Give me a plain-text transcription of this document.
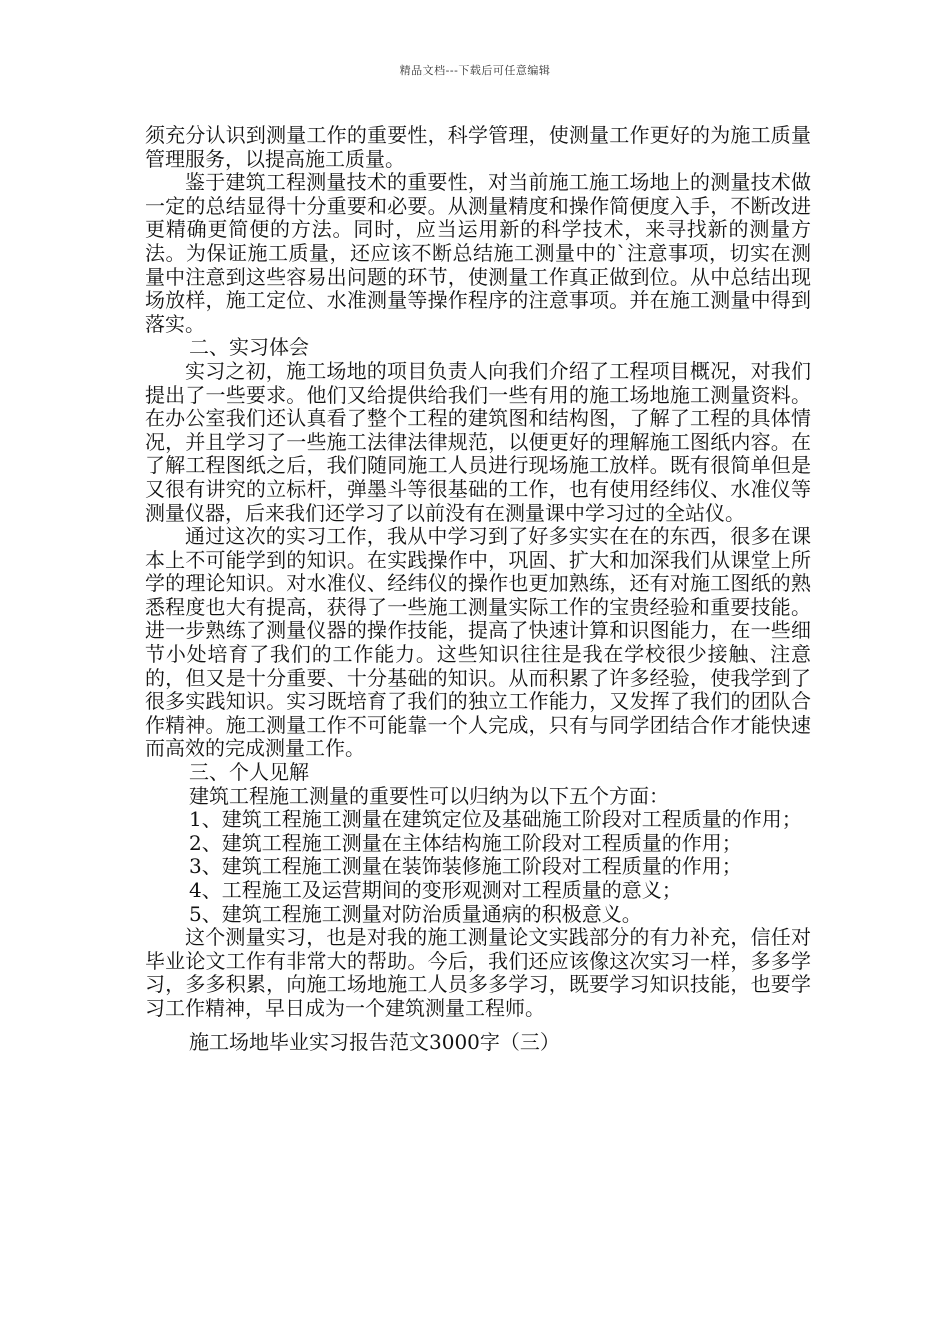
精品文档---下载后可任意编辑

须充分认识到测量工作的重要性，科学管理，使测量工作更好的为施工质量管理服务，以提高施工质量。

鉴于建筑工程测量技术的重要性，对当前施工施工场地上的测量技术做一定的总结显得十分重要和必要。从测量精度和操作简便度入手，不断改进更精确更简便的方法。同时，应当运用新的科学技术，来寻找新的测量方法。为保证施工质量，还应该不断总结施工测量中的`注意事项，切实在测量中注意到这些容易出问题的环节，使测量工作真正做到位。从中总结出现场放样，施工定位、水准测量等操作程序的注意事项。并在施工测量中得到落实。

二、实习体会

实习之初，施工场地的项目负责人向我们介绍了工程项目概况，对我们提出了一些要求。他们又给提供给我们一些有用的施工场地施工测量资料。在办公室我们还认真看了整个工程的建筑图和结构图，了解了工程的具体情况，并且学习了一些施工法律法律规范，以便更好的理解施工图纸内容。在了解工程图纸之后，我们随同施工人员进行现场施工放样。既有很简单但是又很有讲究的立标杆，弹墨斗等很基础的工作，也有使用经纬仪、水准仪等测量仪器，后来我们还学习了以前没有在测量课中学习过的全站仪。

通过这次的实习工作，我从中学习到了好多实实在在的东西，很多在课本上不可能学到的知识。在实践操作中，巩固、扩大和加深我们从课堂上所学的理论知识。对水准仪、经纬仪的操作也更加熟练，还有对施工图纸的熟悉程度也大有提高，获得了一些施工测量实际工作的宝贵经验和重要技能。进一步熟练了测量仪器的操作技能，提高了快速计算和识图能力，在一些细节小处培育了我们的工作能力。这些知识往往是我在学校很少接触、注意的，但又是十分重要、十分基础的知识。从而积累了许多经验，使我学到了很多实践知识。实习既培育了我们的独立工作能力，又发挥了我们的团队合作精神。施工测量工作不可能靠一个人完成，只有与同学团结合作才能快速而高效的完成测量工作。

三、个人见解

建筑工程施工测量的重要性可以归纳为以下五个方面：

1、建筑工程施工测量在建筑定位及基础施工阶段对工程质量的作用；

2、建筑工程施工测量在主体结构施工阶段对工程质量的作用；

3、建筑工程施工测量在装饰装修施工阶段对工程质量的作用；

4、工程施工及运营期间的变形观测对工程质量的意义；

5、建筑工程施工测量对防治质量通病的积极意义。

这个测量实习，也是对我的施工测量论文实践部分的有力补充，信任对毕业论文工作有非常大的帮助。今后，我们还应该像这次实习一样，多多学习，多多积累，向施工场地施工人员多多学习，既要学习知识技能，也要学习工作精神，早日成为一个建筑测量工程师。

施工场地毕业实习报告范文3000字（三）
